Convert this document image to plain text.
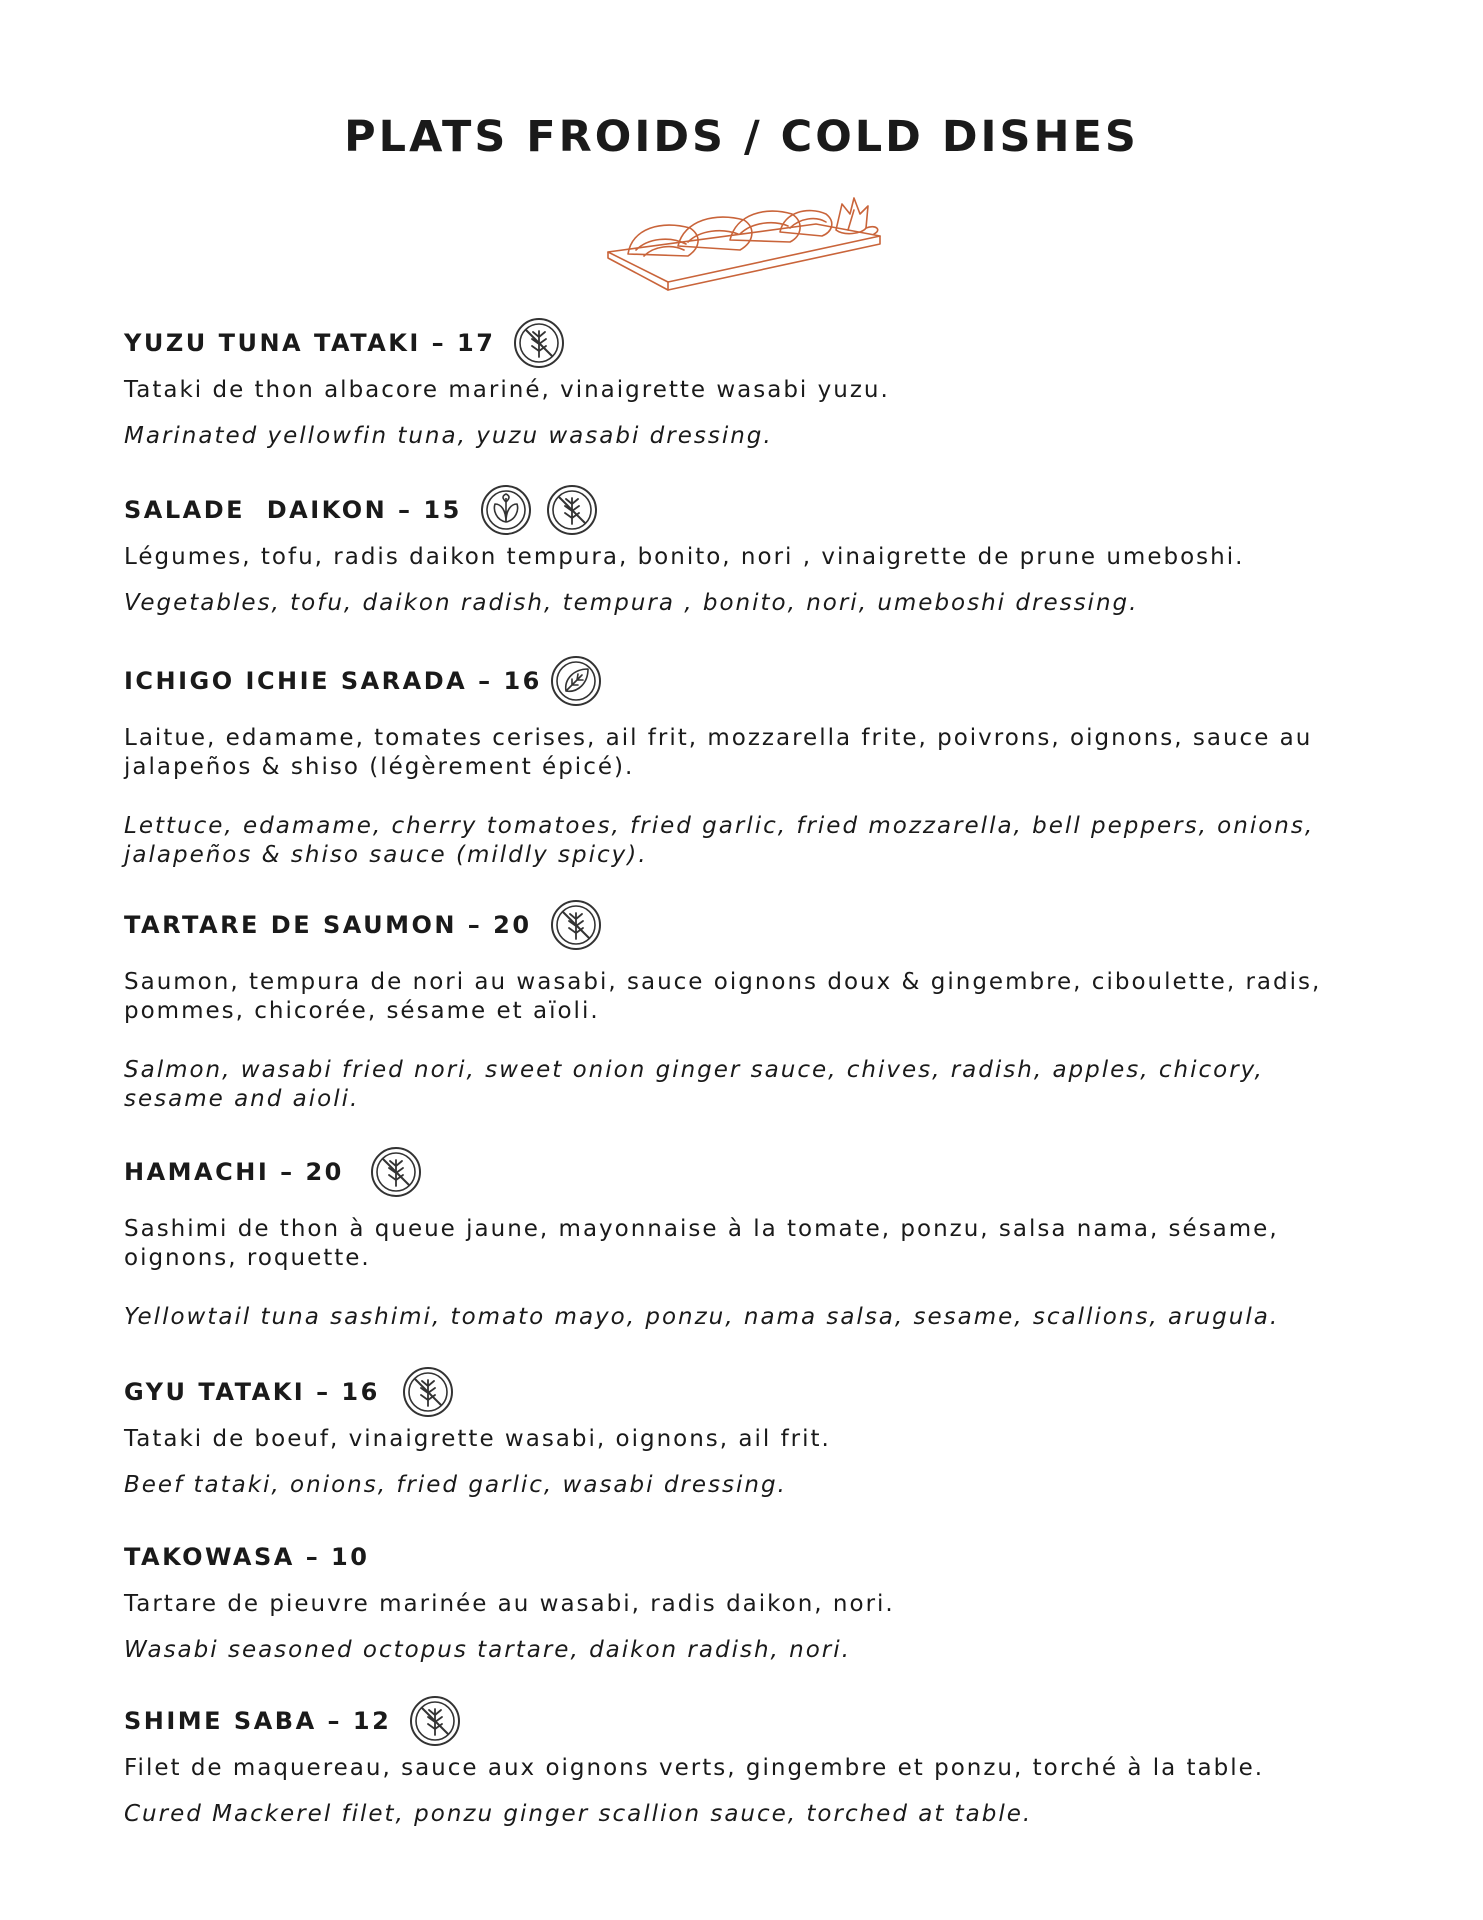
PLATS FROIDS / COLD DISHES
YUZU TUNA TATAKI – 17

Tataki de thon albacore mariné, vinaigrette wasabi yuzu.

Marinated yellowfin tuna, yuzu wasabi dressing.

SALADE  DAIKON – 15

Légumes, tofu, radis daikon tempura, bonito, nori , vinaigrette de prune umeboshi.

Vegetables, tofu, daikon radish, tempura , bonito, nori, umeboshi dressing.

ICHIGO ICHIE SARADA – 16

Laitue, edamame, tomates cerises, ail frit, mozzarella frite, poivrons, oignons, sauce au jalapeños & shiso (légèrement épicé).

Lettuce, edamame, cherry tomatoes, fried garlic, fried mozzarella, bell peppers, onions, jalapeños & shiso sauce (mildly spicy).

TARTARE DE SAUMON – 20

Saumon, tempura de nori au wasabi, sauce oignons doux & gingembre, ciboulette, radis, pommes, chicorée, sésame et aïoli.

Salmon, wasabi fried nori, sweet onion ginger sauce, chives, radish, apples, chicory, sesame and aioli.

HAMACHI – 20

Sashimi de thon à queue jaune, mayonnaise à la tomate, ponzu, salsa nama, sésame, oignons, roquette.

Yellowtail tuna sashimi, tomato mayo, ponzu, nama salsa, sesame, scallions, arugula.

GYU TATAKI – 16

Tataki de boeuf, vinaigrette wasabi, oignons, ail frit.

Beef tataki, onions, fried garlic, wasabi dressing.

TAKOWASA – 10

Tartare de pieuvre marinée au wasabi, radis daikon, nori.

Wasabi seasoned octopus tartare, daikon radish, nori.

SHIME SABA – 12

Filet de maquereau, sauce aux oignons verts, gingembre et ponzu, torché à la table.

Cured Mackerel filet, ponzu ginger scallion sauce, torched at table.
